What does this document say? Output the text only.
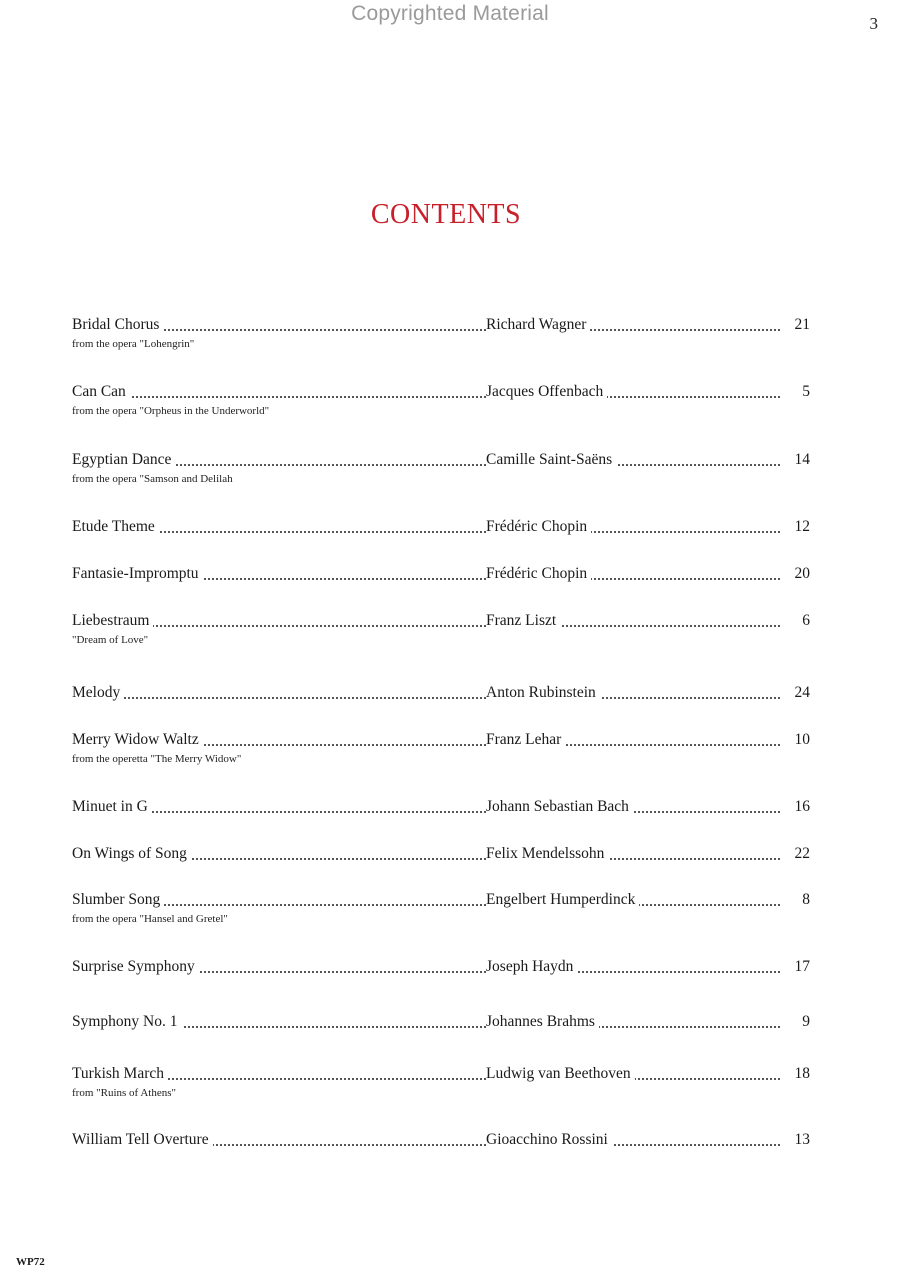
Copyrighted Material	3
CONTENTS
Bridal Chorus	Richard Wagner	21
from the opera "Lohengrin"
Can Can	Jacques Offenbach	5
from the opera "Orpheus in the Underworld"
Egyptian Dance	Camille Saint-Saëns	14
from the opera "Samson and Delilah
Etude Theme	Frédéric Chopin	12
Fantasie-Impromptu	Frédéric Chopin	20
Liebestraum	Franz Liszt	6
"Dream of Love"
Melody	Anton Rubinstein	24
Merry Widow Waltz	Franz Lehar	10
from the operetta "The Merry Widow"
Minuet in G	Johann Sebastian Bach	16
On Wings of Song	Felix Mendelssohn	22
Slumber Song	Engelbert Humperdinck	8
from the opera "Hansel and Gretel"
Surprise Symphony	Joseph Haydn	17
Symphony No. 1	Johannes Brahms	9
Turkish March	Ludwig van Beethoven	18
from "Ruins of Athens"
William Tell Overture	Gioacchino Rossini	13
WP72
